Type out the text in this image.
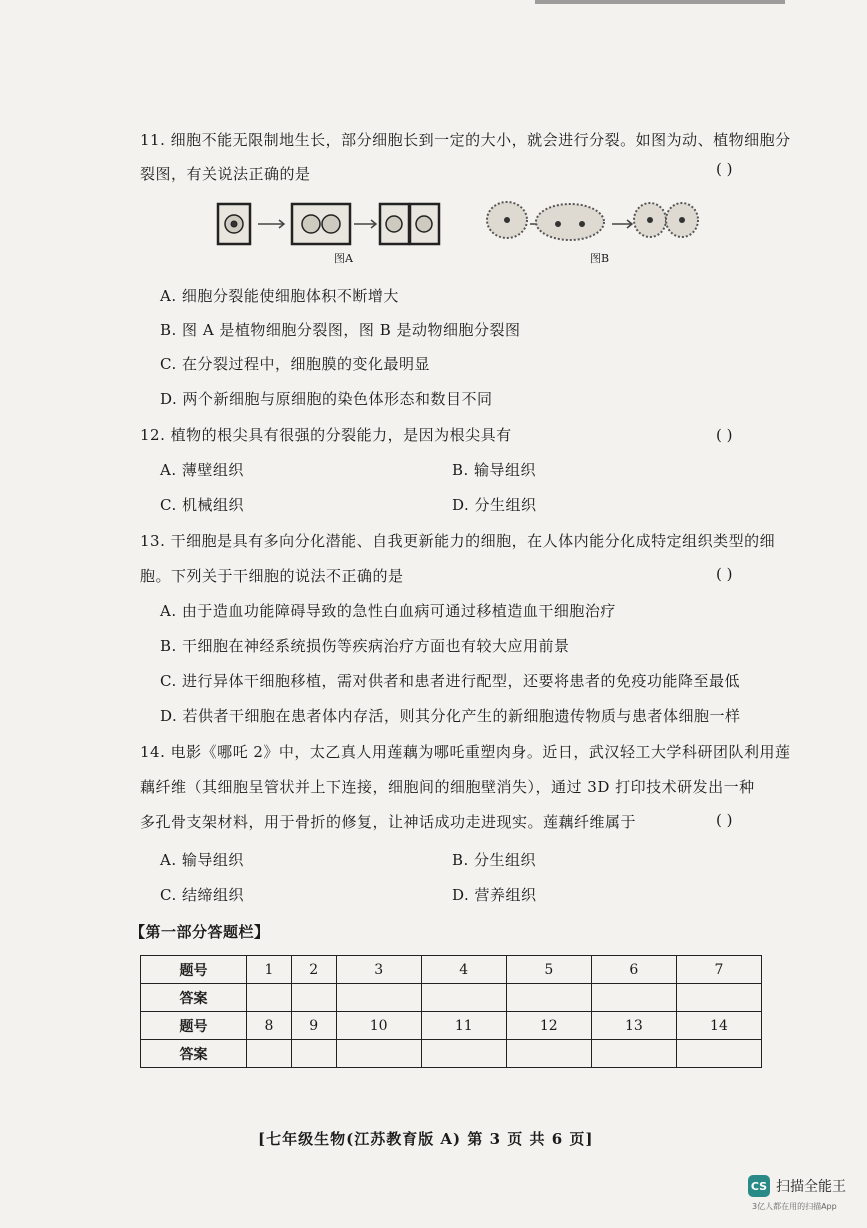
11. 细胞不能无限制地生长，部分细胞长到一定的大小，就会进行分裂。如图为动、植物细胞分
裂图，有关说法正确的是	( )
图A	图B
A. 细胞分裂能使细胞体积不断增大
B. 图 A 是植物细胞分裂图，图 B 是动物细胞分裂图
C. 在分裂过程中，细胞膜的变化最明显
D. 两个新细胞与原细胞的染色体形态和数目不同
12. 植物的根尖具有很强的分裂能力，是因为根尖具有	( )
A. 薄壁组织	B. 输导组织
C. 机械组织	D. 分生组织
13. 干细胞是具有多向分化潜能、自我更新能力的细胞，在人体内能分化成特定组织类型的细
胞。下列关于干细胞的说法不正确的是	( )
A. 由于造血功能障碍导致的急性白血病可通过移植造血干细胞治疗
B. 干细胞在神经系统损伤等疾病治疗方面也有较大应用前景
C. 进行异体干细胞移植，需对供者和患者进行配型，还要将患者的免疫功能降至最低
D. 若供者干细胞在患者体内存活，则其分化产生的新细胞遗传物质与患者体细胞一样
14. 电影《哪吒 2》中，太乙真人用莲藕为哪吒重塑肉身。近日，武汉轻工大学科研团队利用莲
藕纤维（其细胞呈管状并上下连接，细胞间的细胞壁消失），通过 3D 打印技术研发出一种
多孔骨支架材料，用于骨折的修复，让神话成功走进现实。莲藕纤维属于	( )
A. 输导组织	B. 分生组织
C. 结缔组织	D. 营养组织
【第一部分答题栏】
题号	1	2	3	4	5	6	7
答案							
题号	8	9	10	11	12	13	14
答案							
[七年级生物(江苏教育版 A) 第 3 页 共 6 页]
CS 扫描全能王
3亿人都在用的扫描App
